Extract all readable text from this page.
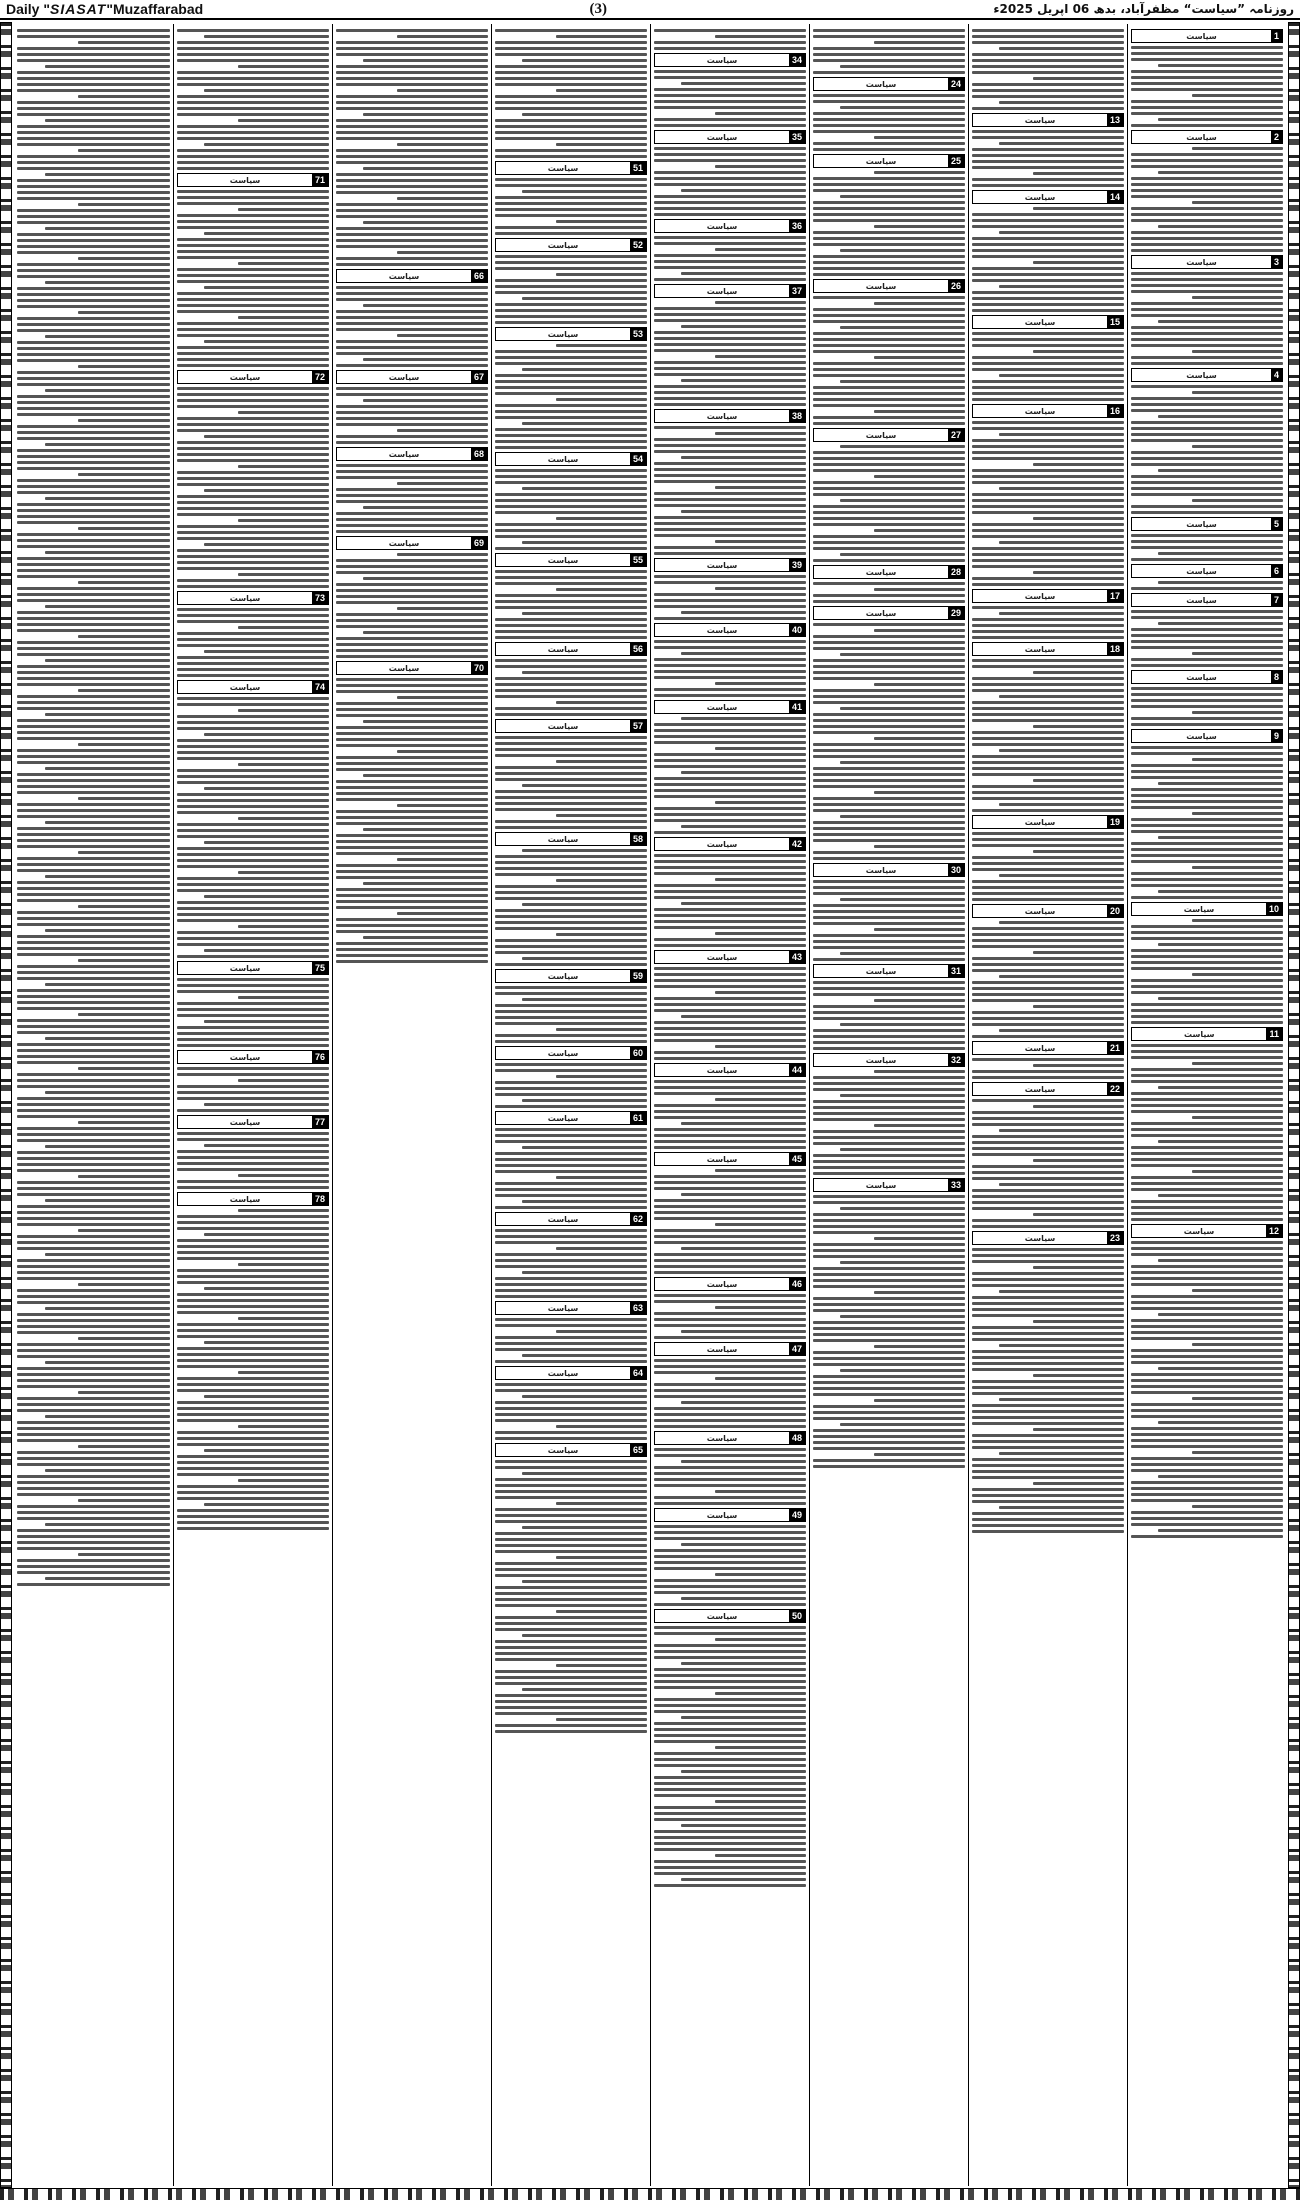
Daily "SIASAT"Muzaffarabad	(3)	روزنامہ ”سیاست“ مظفرآباد، بدھ 06 اپریل 2025ء
سیاست	1
سیاست	2
سیاست	3
سیاست	4
سیاست	5
سیاست	6
سیاست	7
سیاست	8
سیاست	9
سیاست	10
سیاست	11
سیاست	12
سیاست	13
سیاست	14
سیاست	15
سیاست	16
سیاست	17
سیاست	18
سیاست	19
سیاست	20
سیاست	21
سیاست	22
سیاست	23
سیاست	24
سیاست	25
سیاست	26
سیاست	27
سیاست	28
سیاست	29
سیاست	30
سیاست	31
سیاست	32
سیاست	33
سیاست	34
سیاست	35
سیاست	36
سیاست	37
سیاست	38
سیاست	39
سیاست	40
سیاست	41
سیاست	42
سیاست	43
سیاست	44
سیاست	45
سیاست	46
سیاست	47
سیاست	48
سیاست	49
سیاست	50
سیاست	51
سیاست	52
سیاست	53
سیاست	54
سیاست	55
سیاست	56
سیاست	57
سیاست	58
سیاست	59
سیاست	60
سیاست	61
سیاست	62
سیاست	63
سیاست	64
سیاست	65
سیاست	66
سیاست	67
سیاست	68
سیاست	69
سیاست	70
سیاست	71
سیاست	72
سیاست	73
سیاست	74
سیاست	75
سیاست	76
سیاست	77
سیاست	78
